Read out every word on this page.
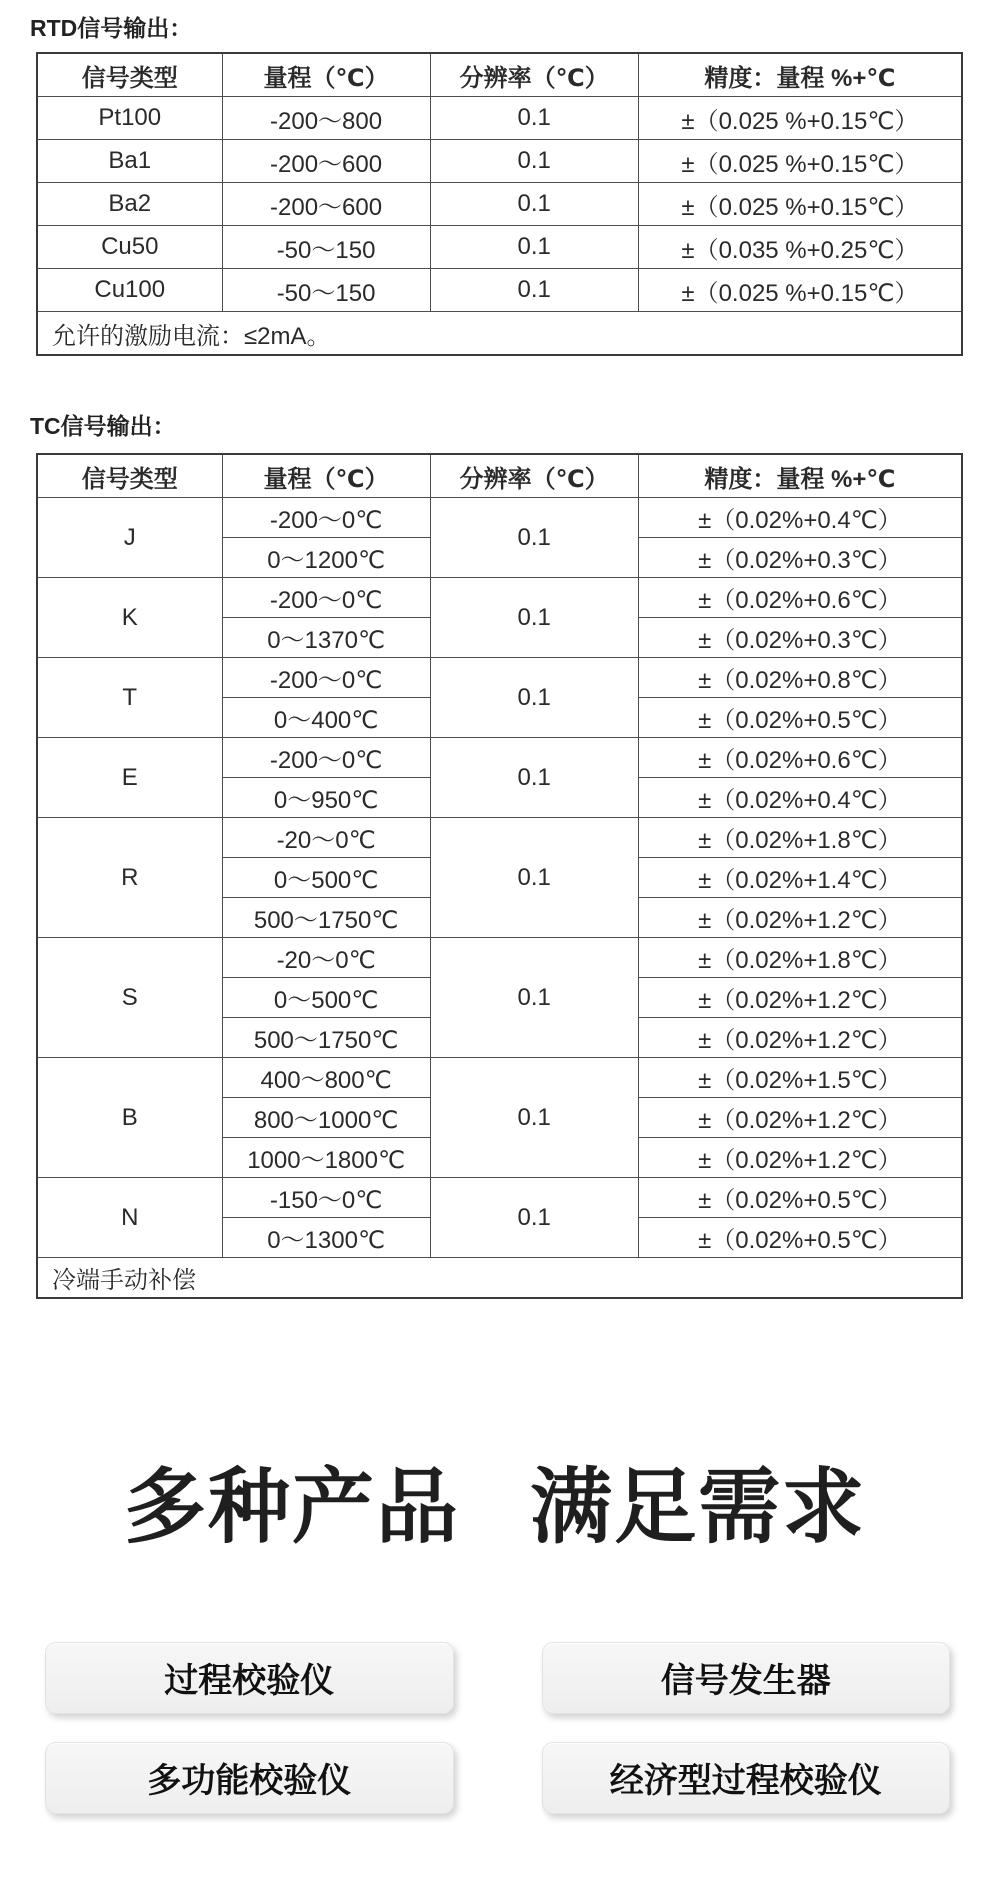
RTD信号输出：
信号类型	量程（℃）	分辨率（℃）	精度：量程 %+℃
Pt100	-200～800	0.1	±（0.025 %+0.15℃）
Ba1	-200～600	0.1	±（0.025 %+0.15℃）
Ba2	-200～600	0.1	±（0.025 %+0.15℃）
Cu50	-50～150	0.1	±（0.035 %+0.25℃）
Cu100	-50～150	0.1	±（0.025 %+0.15℃）
允许的激励电流：≤2mA。			
TC信号输出：
信号类型	量程（℃）	分辨率（℃）	精度：量程 %+℃
J	-200～0℃	0.1	±（0.02%+0.4℃）
	0～1200℃		±（0.02%+0.3℃）
K	-200～0℃	0.1	±（0.02%+0.6℃）
	0～1370℃		±（0.02%+0.3℃）
T	-200～0℃	0.1	±（0.02%+0.8℃）
	0～400℃		±（0.02%+0.5℃）
E	-200～0℃	0.1	±（0.02%+0.6℃）
	0～950℃		±（0.02%+0.4℃）
R	-20～0℃	0.1	±（0.02%+1.8℃）
	0～500℃		±（0.02%+1.4℃）
	500～1750℃		±（0.02%+1.2℃）
S	-20～0℃	0.1	±（0.02%+1.8℃）
	0～500℃		±（0.02%+1.2℃）
	500～1750℃		±（0.02%+1.2℃）
B	400～800℃	0.1	±（0.02%+1.5℃）
	800～1000℃		±（0.02%+1.2℃）
	1000～1800℃		±（0.02%+1.2℃）
N	-150～0℃	0.1	±（0.02%+0.5℃）
	0～1300℃		±（0.02%+0.5℃）
冷端手动补偿			
多种产品 满足需求
过程校验仪	信号发生器
多功能校验仪	经济型过程校验仪
